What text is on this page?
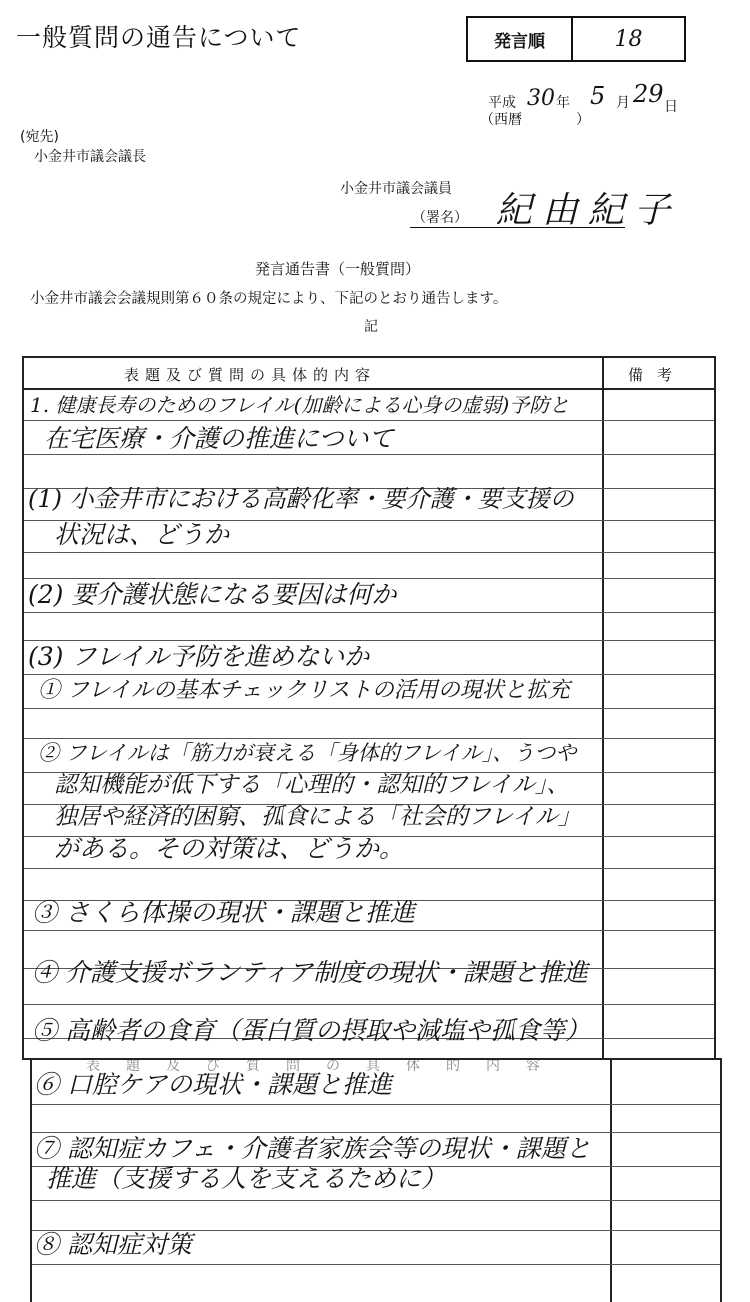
一般質問の通告について	発言順	18
平成 30 年 5 月 29 日
（西暦	）
(宛先)
小金井市議会議長
小金井市議会議員
（署名） 紀由紀子
発言通告書（一般質問）
小金井市議会会議規則第６０条の規定により、下記のとおり通告します。
記
表題及び質問の具体的内容	備考
1. 健康長寿のためのフレイル(加齢による心身の虚弱)予防と
在宅医療・介護の推進について
(1) 小金井市における高齢化率・要介護・要支援の
状況は、どうか
(2) 要介護状態になる要因は何か
(3) フレイル予防を進めないか
① フレイルの基本チェックリストの活用の現状と拡充
② フレイルは「筋力が衰える「身体的フレイル」、うつや
認知機能が低下する「心理的・認知的フレイル」、
独居や経済的困窮、孤食による「社会的フレイル」
がある。その対策は、どうか。
③ さくら体操の現状・課題と推進
④ 介護支援ボランティア制度の現状・課題と推進
⑤ 高齢者の食育（蛋白質の摂取や減塩や孤食等）
表題及び質問の具体的内容
⑥ 口腔ケアの現状・課題と推進
⑦ 認知症カフェ・介護者家族会等の現状・課題と
推進（支援する人を支えるために）
⑧ 認知症対策
